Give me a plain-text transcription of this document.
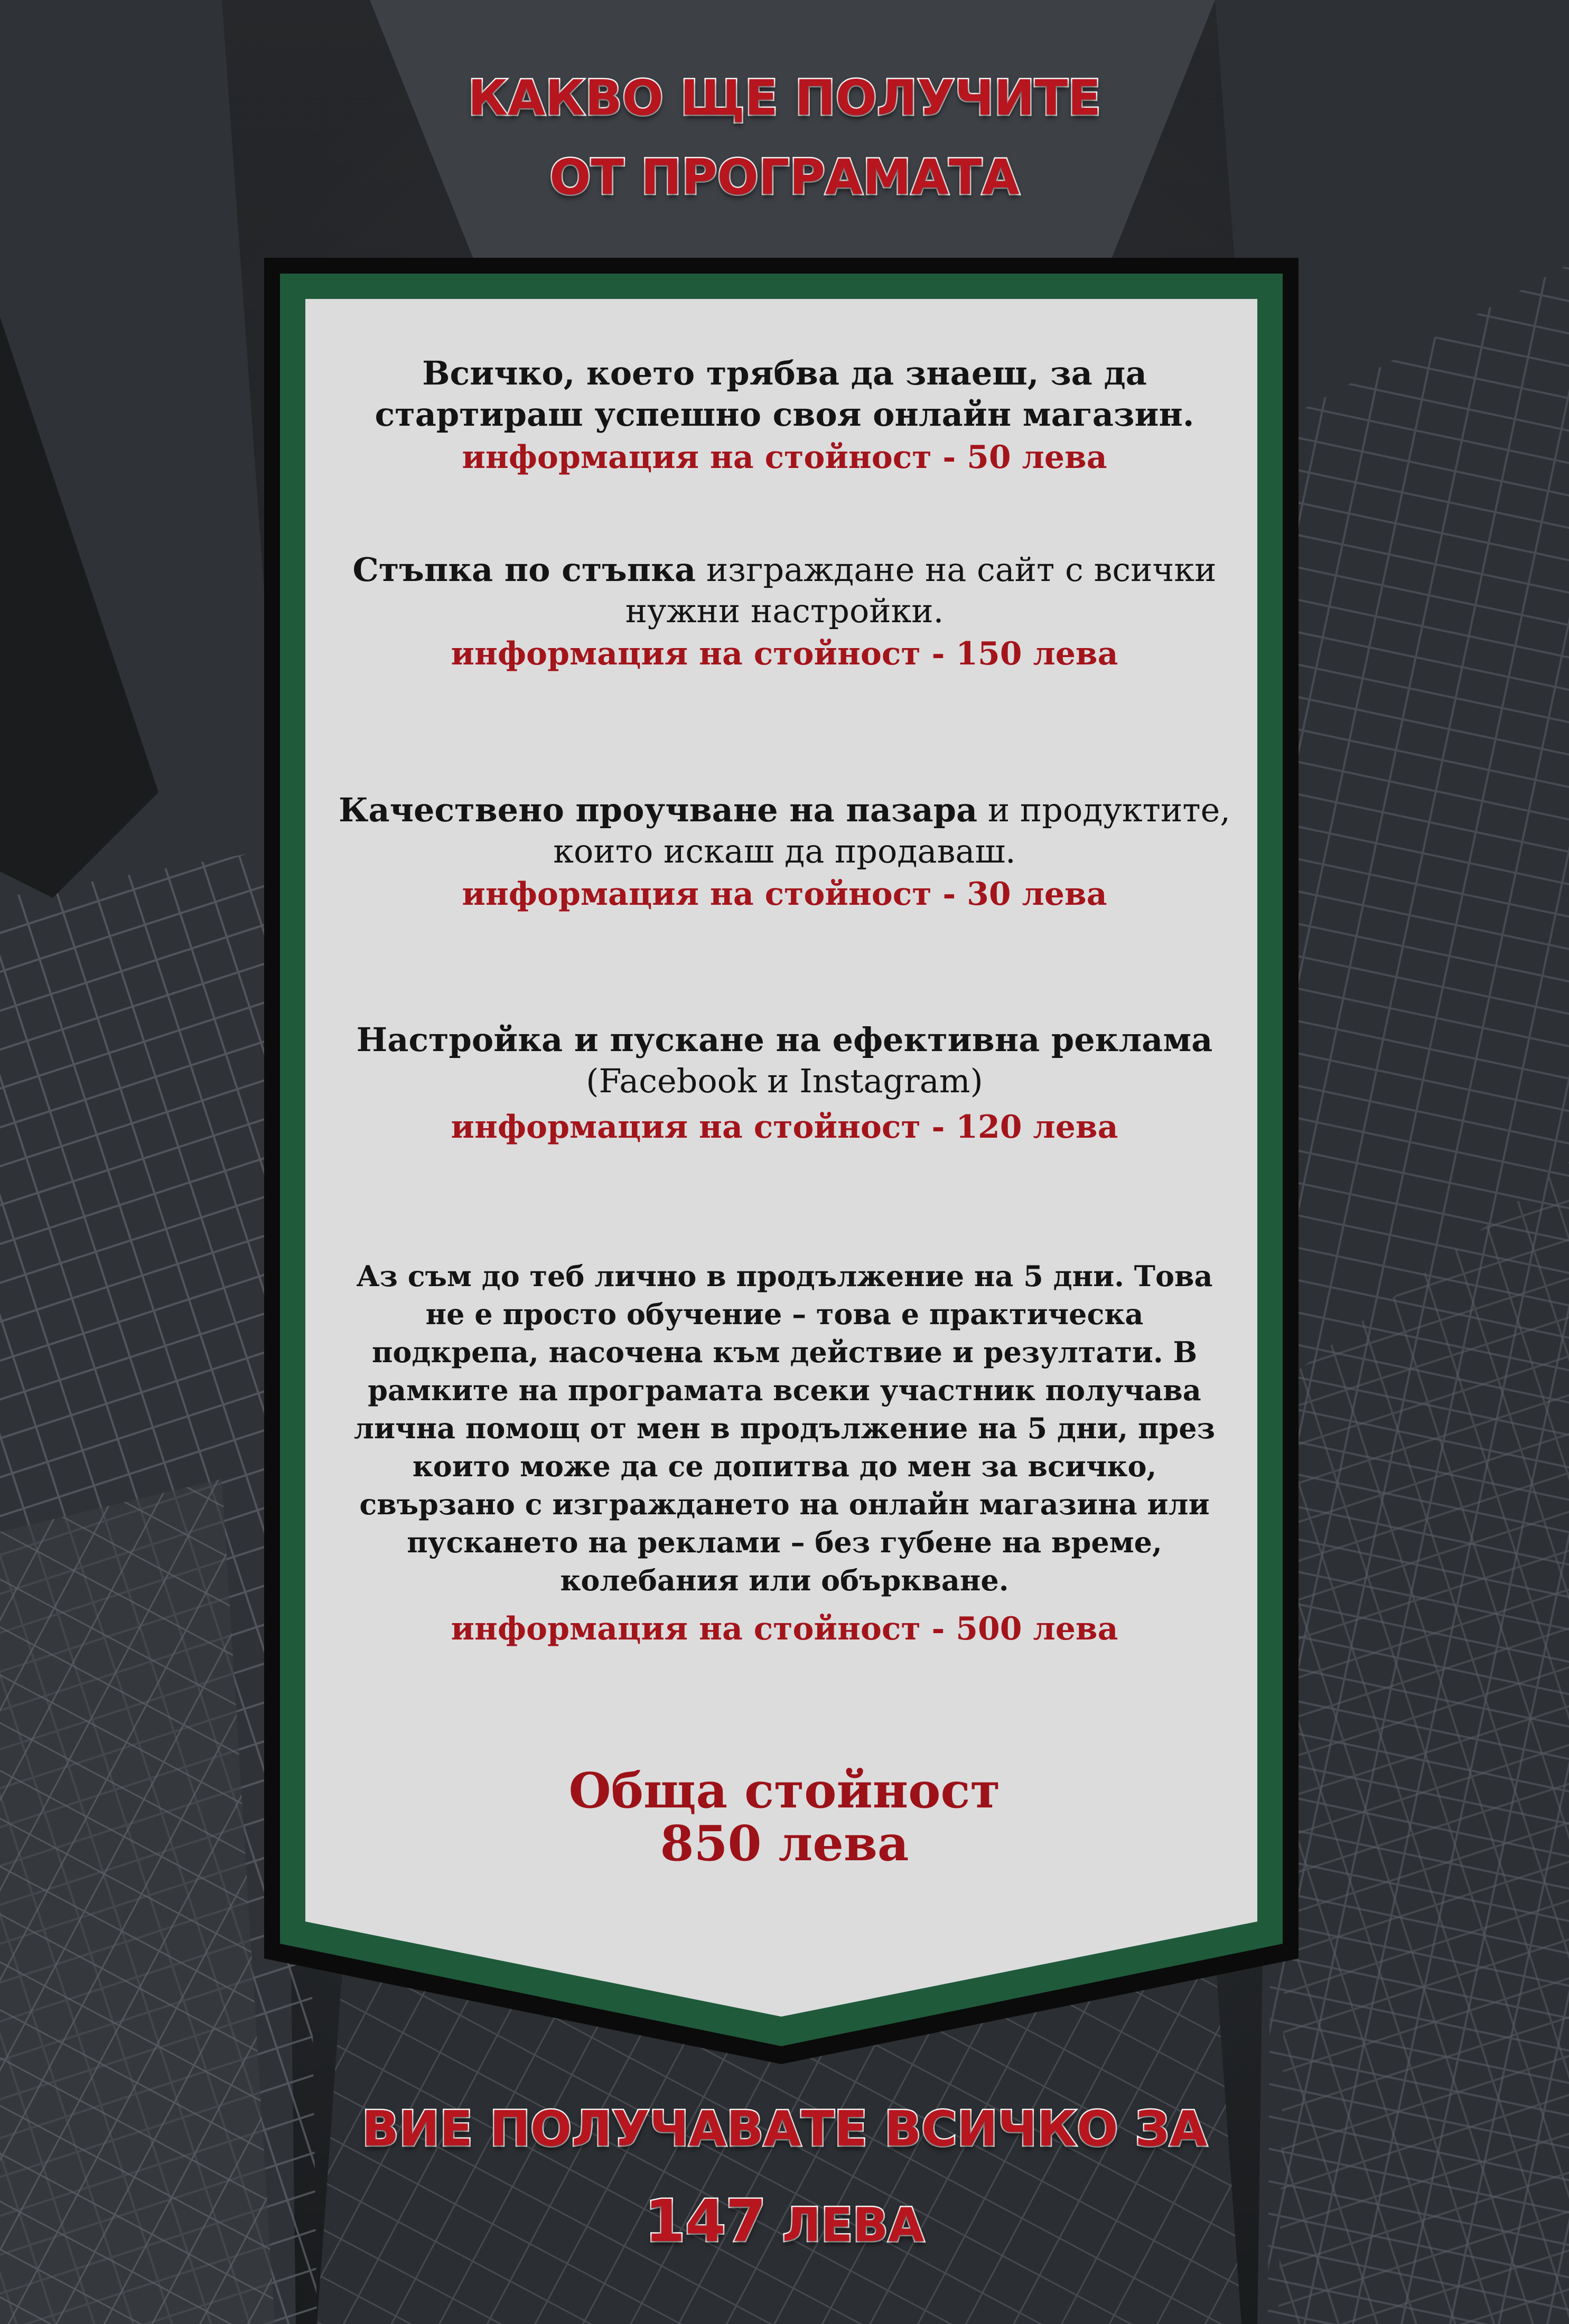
КАКВО ЩЕ ПОЛУЧИТЕ
ОТ ПРОГРАМАТА
Всичко, което трябва да знаеш, за да стартираш успешно своя онлайн магазин.
информация на стойност - 50 лева
Стъпка по стъпка изграждане на сайт с всички нужни настройки.
информация на стойност - 150 лева
Качествено проучване на пазара и продуктите, които искаш да продаваш.
информация на стойност - 30 лева
Настройка и пускане на ефективна реклама
(Facebook и Instagram)
информация на стойност - 120 лева
Аз съм до теб лично в продължение на 5 дни. Това не е просто обучение – това е практическа подкрепа, насочена към действие и резултати. В рамките на програмата всеки участник получава лична помощ от мен в продължение на 5 дни, през които може да се допитва до мен за всичко, свързано с изграждането на онлайн магазина или пускането на реклами – без губене на време, колебания или объркване.
информация на стойност - 500 лева
Обща стойност
850 лева
ВИЕ ПОЛУЧАВАТЕ ВСИЧКО ЗА
147 ЛЕВА
